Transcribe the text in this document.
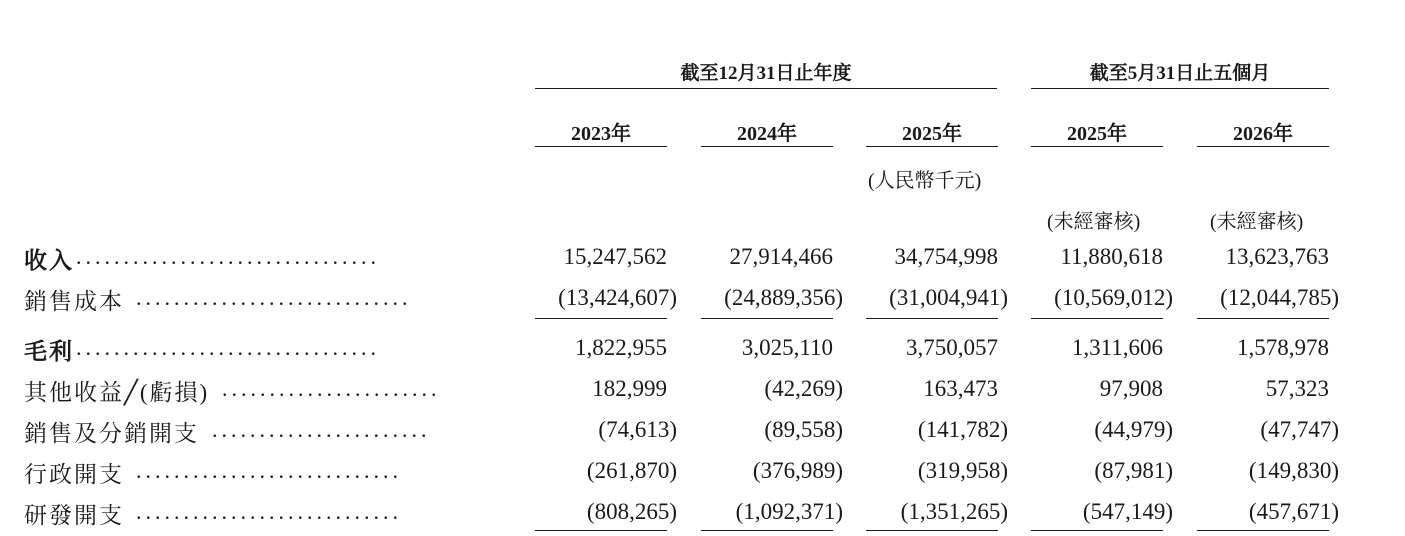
截至12月31日止年度	截至5月31日止五個月
2023年	2024年	2025年	2025年	2026年
(人民幣千元)
(未經審核)	(未經審核)
收入 ................................	15,247,562	27,914,466	34,754,998	11,880,618	13,623,763
銷售成本 .............................	(13,424,607)	(24,889,356)	(31,004,941)	(10,569,012)	(12,044,785)
毛利 ................................	1,822,955	3,025,110	3,750,057	1,311,606	1,578,978
其他收益╱(虧損) .......................	182,999	(42,269)	163,473	97,908	57,323
銷售及分銷開支 .......................	(74,613)	(89,558)	(141,782)	(44,979)	(47,747)
行政開支 ............................	(261,870)	(376,989)	(319,958)	(87,981)	(149,830)
研發開支 ............................	(808,265)	(1,092,371)	(1,351,265)	(547,149)	(457,671)
